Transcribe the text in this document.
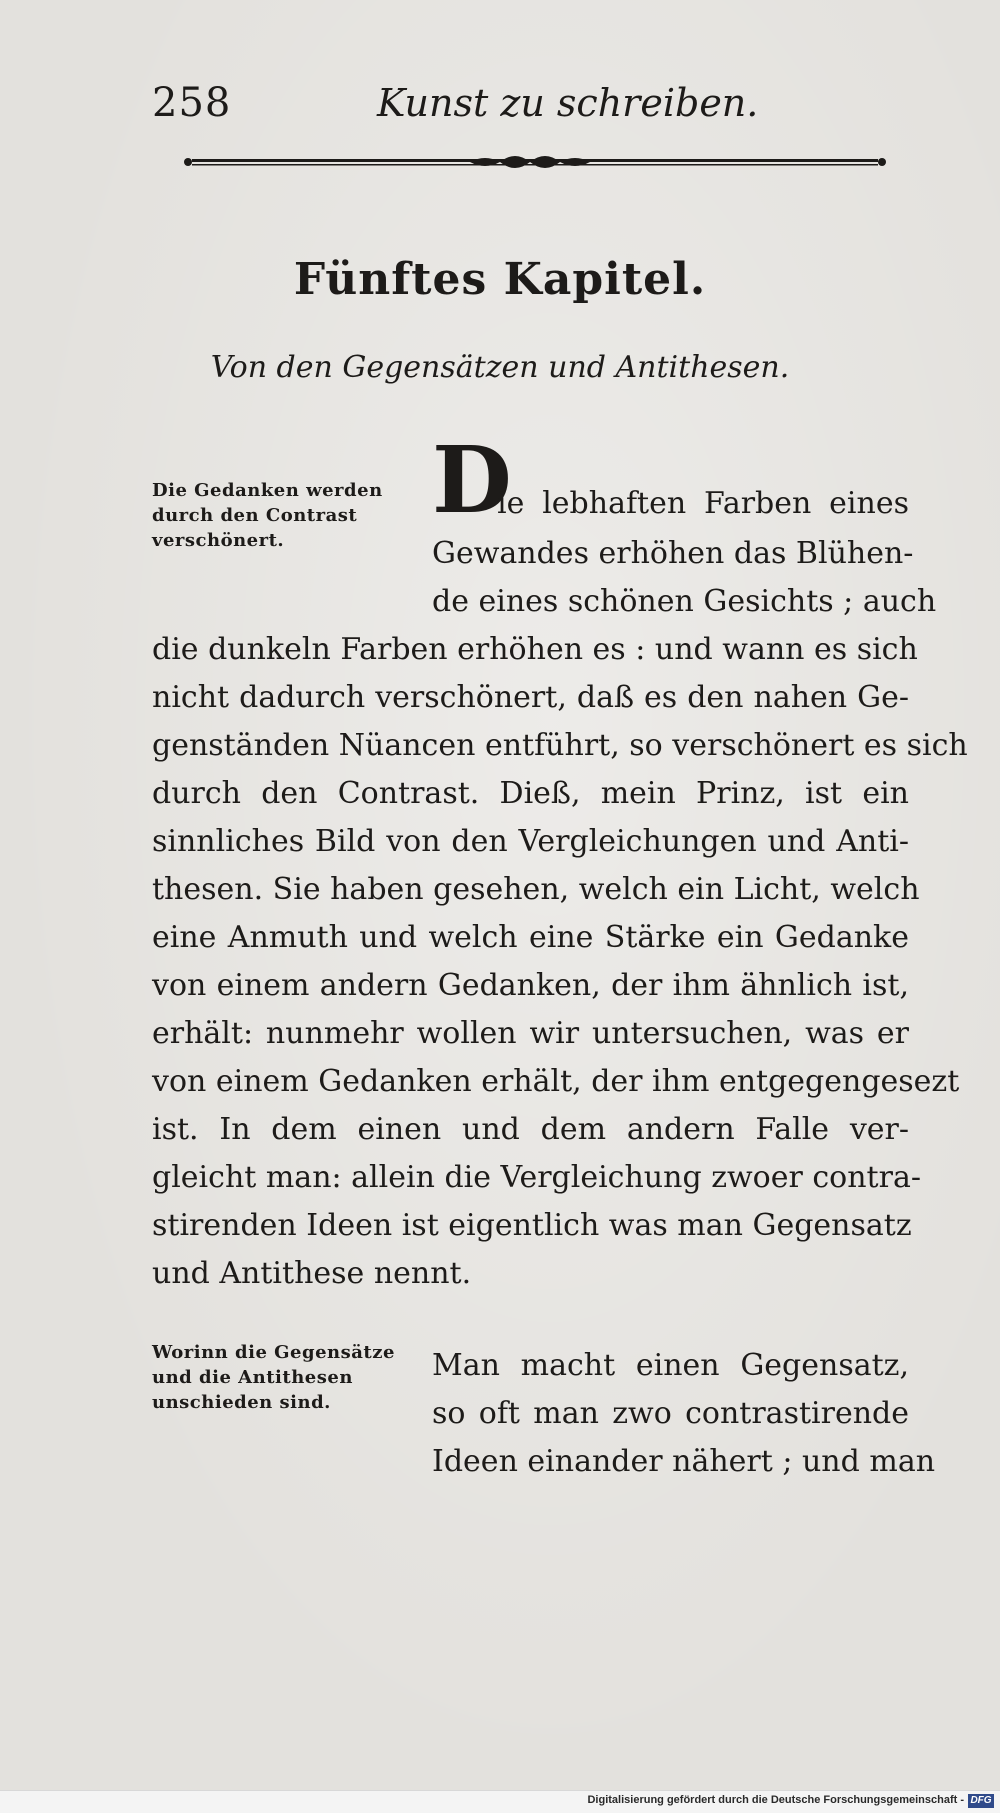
258	Kunst zu schreiben.
Fünftes Kapitel.
Von den Gegensätzen und Antithesen.
Die Gedanken werden durch den Contrast verschönert.
D
ie lebhaften Farben eines
Gewandes erhöhen das Blühen-
de eines schönen Gesichts ; auch
die dunkeln Farben erhöhen es : und wann es sich
nicht dadurch verschönert, daß es den nahen Ge-
genständen Nüancen entführt, so verschönert es sich
durch den Contrast. Dieß, mein Prinz, ist ein
sinnliches Bild von den Vergleichungen und Anti-
thesen. Sie haben gesehen, welch ein Licht, welch
eine Anmuth und welch eine Stärke ein Gedanke
von einem andern Gedanken, der ihm ähnlich ist,
erhält: nunmehr wollen wir untersuchen, was er
von einem Gedanken erhält, der ihm entgegengesezt
ist. In dem einen und dem andern Falle ver-
gleicht man: allein die Vergleichung zwoer contra-
stirenden Ideen ist eigentlich was man Gegensatz
und Antithese nennt.
Worinn die Gegensätze und die Antithesen unschieden sind.
Man macht einen Gegensatz,
so oft man zwo contrastirende
Ideen einander nähert ; und man
Digitalisierung gefördert durch die Deutsche Forschungsgemeinschaft - DFG
